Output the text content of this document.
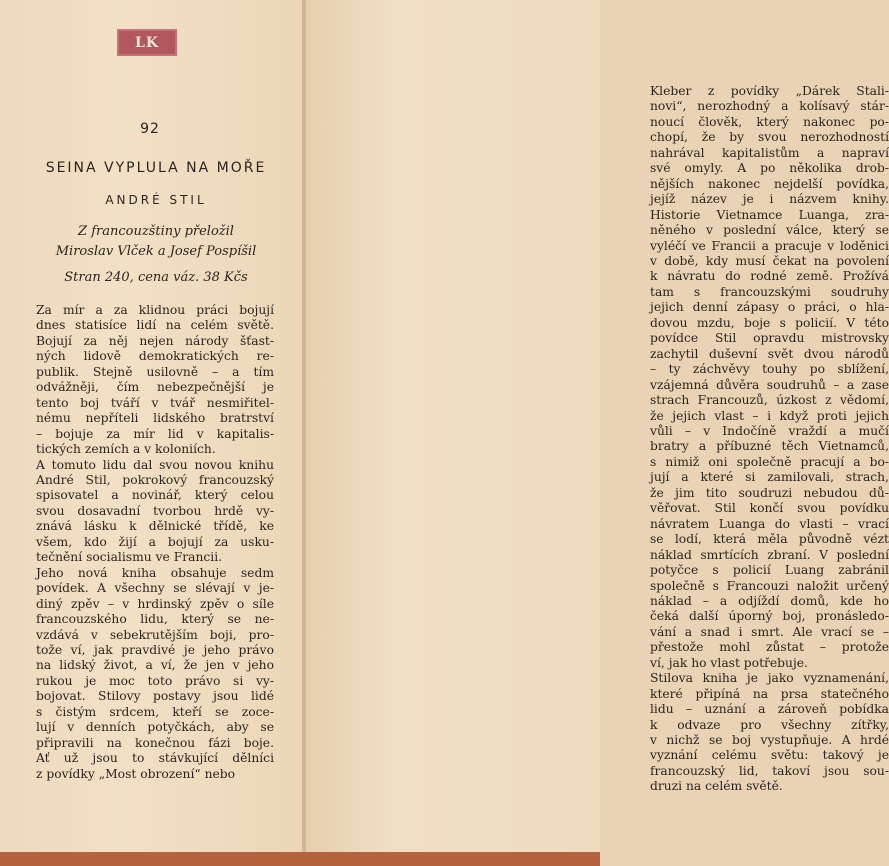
LK
92
SEINA VYPLULA NA MOŘE
ANDRÉ STIL
Z francouzštiny přeložil
Miroslav Vlček a Josef Pospíšil
Stran 240, cena váz. 38 Kčs

Za mír a za klidnou práci bojují
dnes statisíce lidí na celém světě.
Bojují za něj nejen národy šťast-
ných lidově demokratických re-
publik. Stejně usilovně – a tím
odvážněji, čím nebezpečnější je
tento boj tváří v tvář nesmiřitel-
nému nepříteli lidského bratrství
– bojuje za mír lid v kapitalis-
tických zemích a v koloniích.

A tomuto lidu dal svou novou knihu
André Stil, pokrokový francouzský
spisovatel a novinář, který celou
svou dosavadní tvorbou hrdě vy-
znává lásku k dělnické třídě, ke
všem, kdo žijí a bojují za usku-
tečnění socialismu ve Francii.

Jeho nová kniha obsahuje sedm
povídek. A všechny se slévají v je-
diný zpěv – v hrdinský zpěv o síle
francouzského lidu, který se ne-
vzdává v sebekrutějším boji, pro-
tože ví, jak pravdivé je jeho právo
na lidský život, a ví, že jen v jeho
rukou je moc toto právo si vy-
bojovat. Stilovy postavy jsou lidé
s čistým srdcem, kteří se zoce-
lují v denních potyčkách, aby se
připravili na konečnou fázi boje.
Ať už jsou to stávkující dělníci
z povídky „Most obrození“ nebo

Kleber z povídky „Dárek Stali-
novi“, nerozhodný a kolísavý stár-
noucí člověk, který nakonec po-
chopí, že by svou nerozhodností
nahrával kapitalistům a napraví
své omyly. A po několika drob-
nějších nakonec nejdelší povídka,
jejíž název je i názvem knihy.
Historie Vietnamce Luanga, zra-
něného v poslední válce, který se
vyléčí ve Francii a pracuje v loděnici
v době, kdy musí čekat na povolení
k návratu do rodné země. Prožívá
tam s francouzskými soudruhy
jejich denní zápasy o práci, o hla-
dovou mzdu, boje s policií. V této
povídce Stil opravdu mistrovsky
zachytil duševní svět dvou národů
– ty záchvěvy touhy po sblížení,
vzájemná důvěra soudruhů – a zase
strach Francouzů, úzkost z vědomí,
že jejich vlast – i když proti jejich
vůli – v Indočíně vraždí a mučí
bratry a příbuzné těch Vietnamců,
s nimiž oni společně pracují a bo-
jují a které si zamilovali, strach,
že jim tito soudruzi nebudou dů-
věřovat. Stil končí svou povídku
návratem Luanga do vlasti – vrací
se lodí, která měla původně vézt
náklad smrtících zbraní. V poslední
potyčce s policií Luang zabránil
společně s Francouzi naložit určený
náklad – a odjíždí domů, kde ho
čeká další úporný boj, pronásledo-
vání a snad i smrt. Ale vrací se –
přestože mohl zůstat – protože
ví, jak ho vlast potřebuje.

Stilova kniha je jako vyznamenání,
které připíná na prsa statečného
lidu – uznání a zároveň pobídka
k odvaze pro všechny zítřky,
v nichž se boj vystupňuje. A hrdé
vyznání celému světu: takový je
francouzský lid, takoví jsou sou-
druzi na celém světě.
